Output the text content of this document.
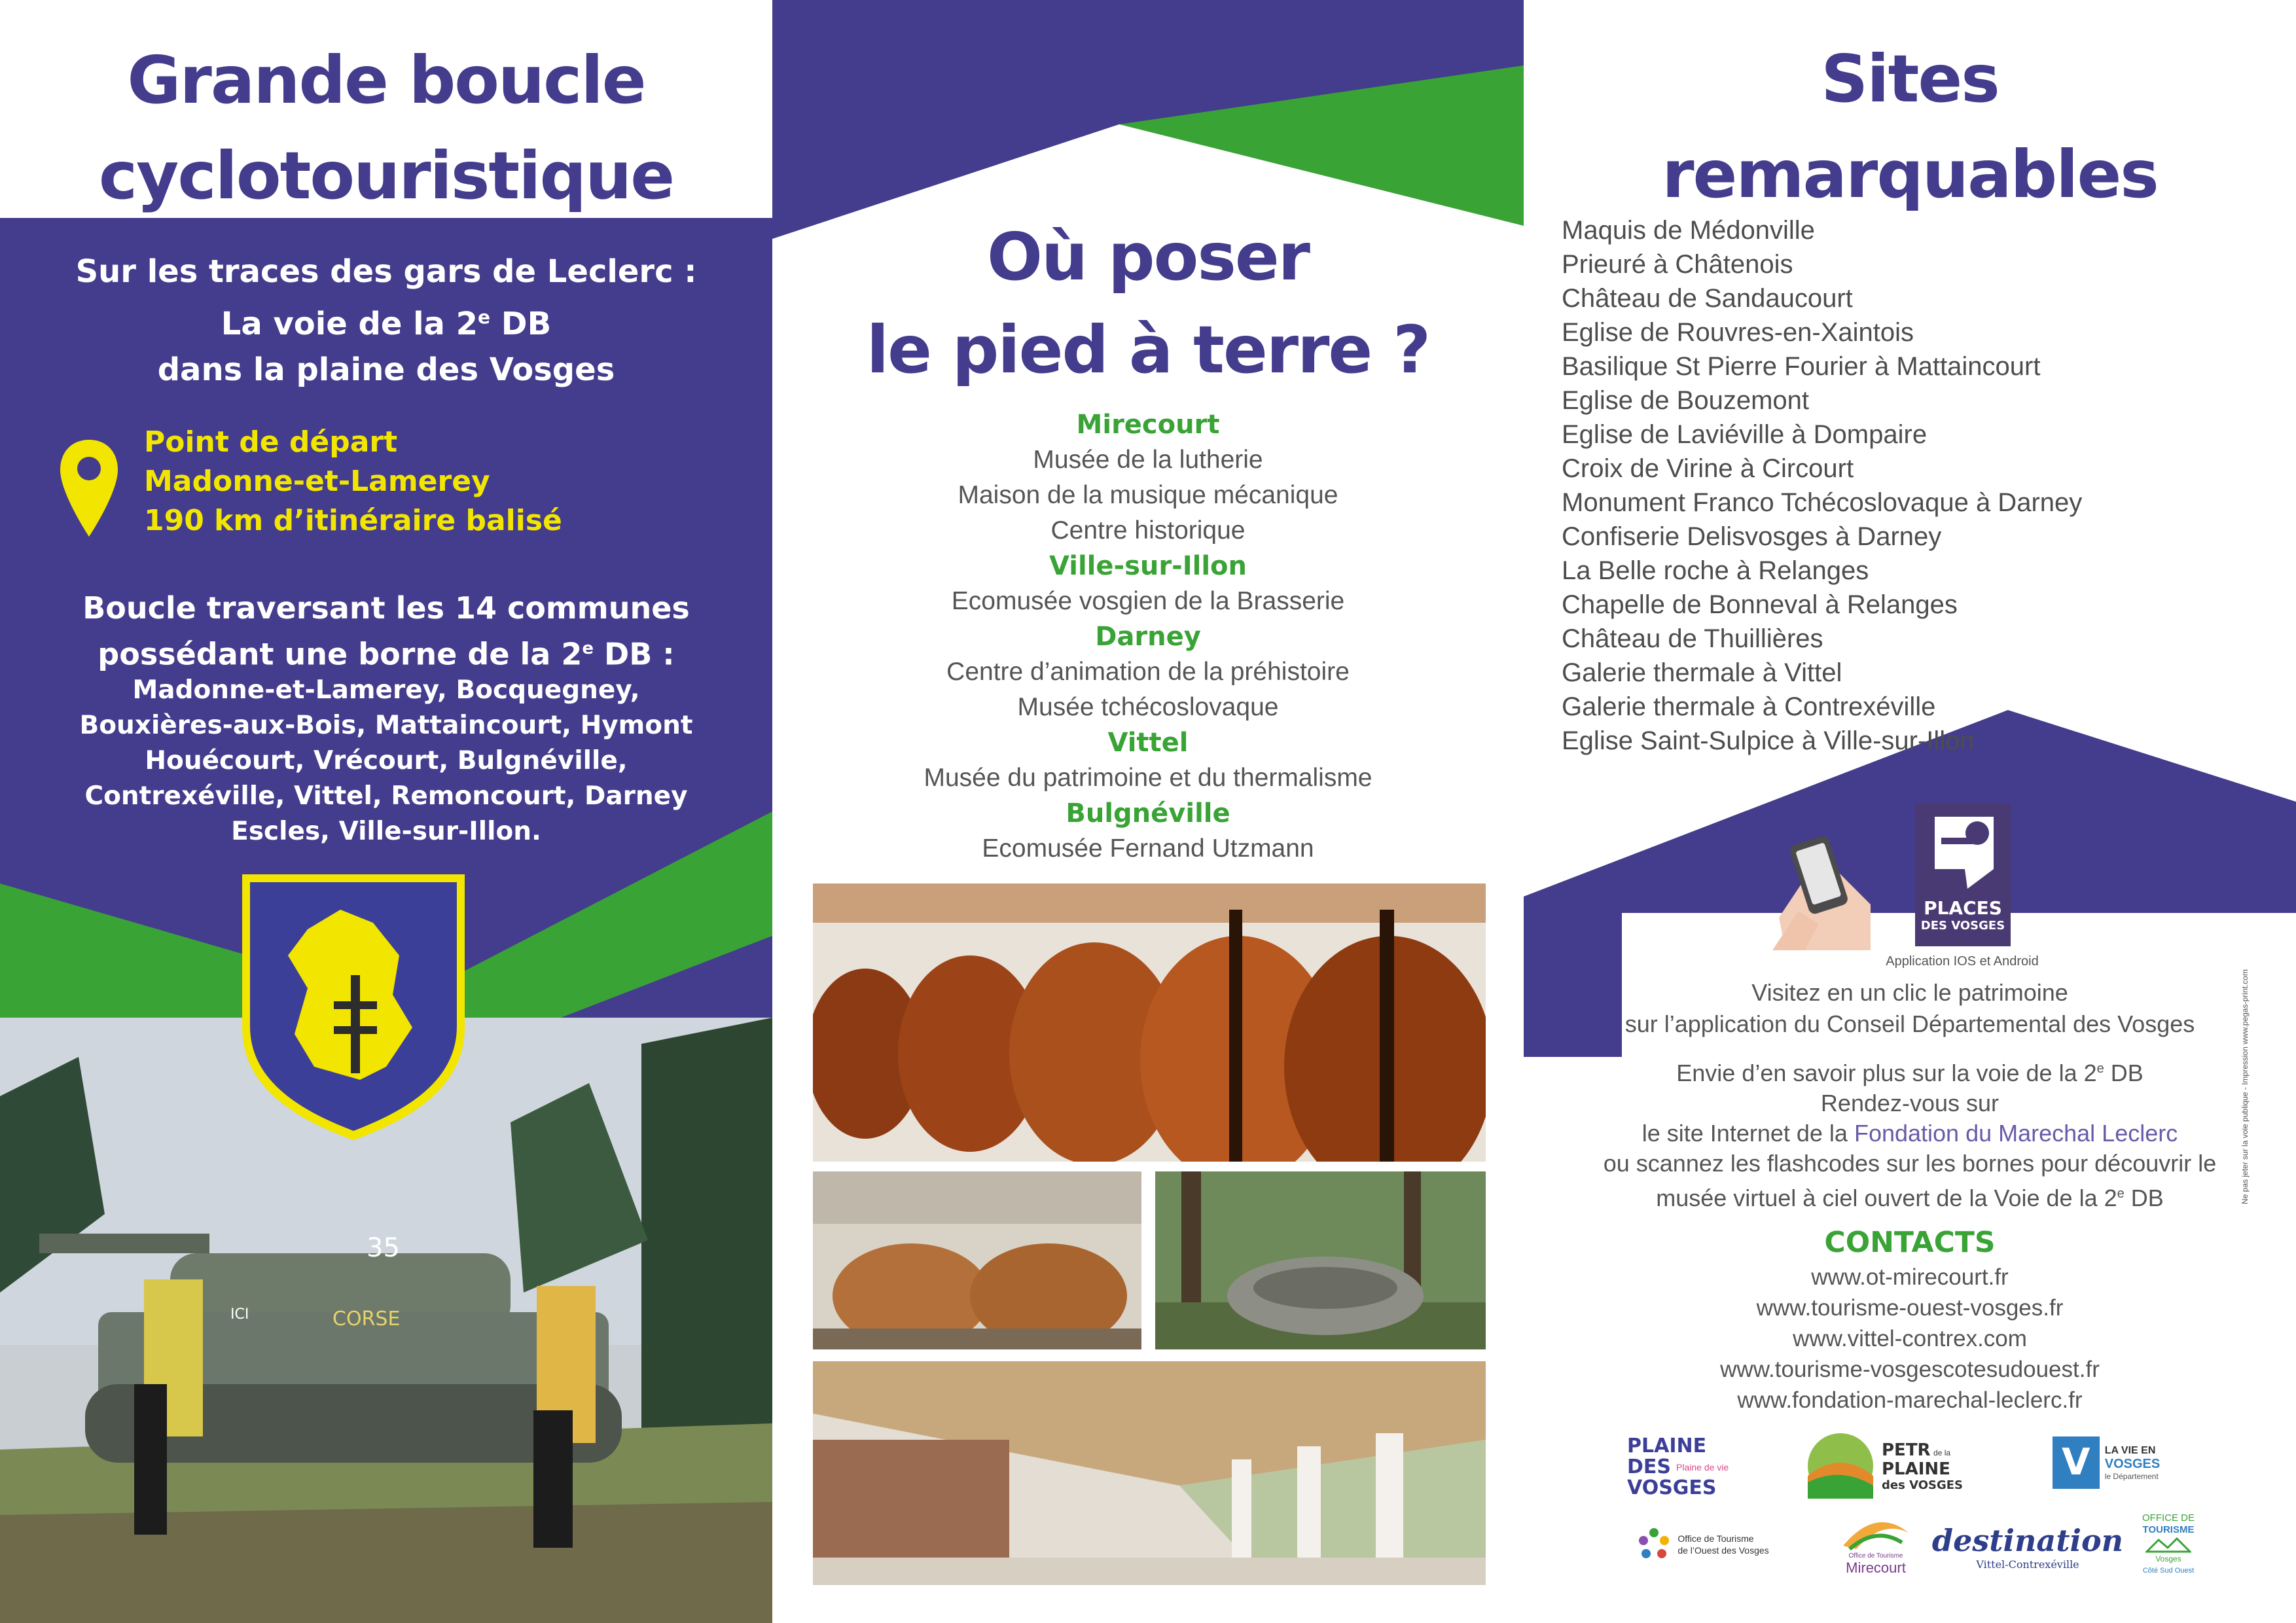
Grande boucle
cyclotouristique
Sur les traces des gars de Leclerc :
La voie de la 2e DB
dans la plaine des Vosges
Point de départ
Madonne-et-Lamerey
190 km d’itinéraire balisé
Boucle traversant les 14 communes
possédant une borne de la 2e DB :
Madonne-et-Lamerey, Bocquegney,
Bouxières-aux-Bois, Mattaincourt, Hymont
Houécourt, Vrécourt, Bulgnéville,
Contrexéville, Vittel, Remoncourt, Darney
Escles, Ville-sur-Illon.
35
CORSE
ICI
Où poser
le pied à terre ?
Mirecourt
Musée de la lutherie
Maison de la musique mécanique
Centre historique
Ville-sur-Illon
Ecomusée vosgien de la Brasserie
Darney
Centre d’animation de la préhistoire
Musée tchécoslovaque
Vittel
Musée du patrimoine et du thermalisme
Bulgnéville
Ecomusée Fernand Utzmann
Sites
remarquables
Maquis de Médonville
Prieuré à Châtenois
Château de Sandaucourt
Eglise de Rouvres-en-Xaintois
Basilique St Pierre Fourier à Mattaincourt
Eglise de Bouzemont
Eglise de Laviéville à Dompaire
Croix de Virine à Circourt
Monument Franco Tchécoslovaque à Darney
Confiserie Delisvosges à Darney
La Belle roche à Relanges
Chapelle de Bonneval à Relanges
Château de Thuillières
Galerie thermale à Vittel
Galerie thermale à Contrexéville
Eglise Saint-Sulpice à Ville-sur-Illon
PLACES
DES VOSGES
Application IOS et Android
Visitez en un clic le patrimoine
sur l’application du Conseil Départemental des Vosges
Envie d’en savoir plus sur la voie de la 2e DB
Rendez-vous sur
le site Internet de la Fondation du Marechal Leclerc
ou scannez les flashcodes sur les bornes pour découvrir le
musée virtuel à ciel ouvert de la Voie de la 2e DB
CONTACTS
www.ot-mirecourt.fr
www.tourisme-ouest-vosges.fr
www.vittel-contrex.com
www.tourisme-vosgescotesudouest.fr
www.fondation-marechal-leclerc.fr
PLAINE
DES Plaine de vie
VOSGES
PETR de la
PLAINE
des VOSGES
V	LA VIE EN
VOSGES
le Département
Office de Tourisme
de l’Ouest des Vosges	Office de Tourisme
Mirecourt
destination
Vittel-Contrexéville
OFFICE DE
TOURISME
Vosges
Côté Sud Ouest
Ne pas jeter sur la voie publique - Impression www.pegas-print.com
